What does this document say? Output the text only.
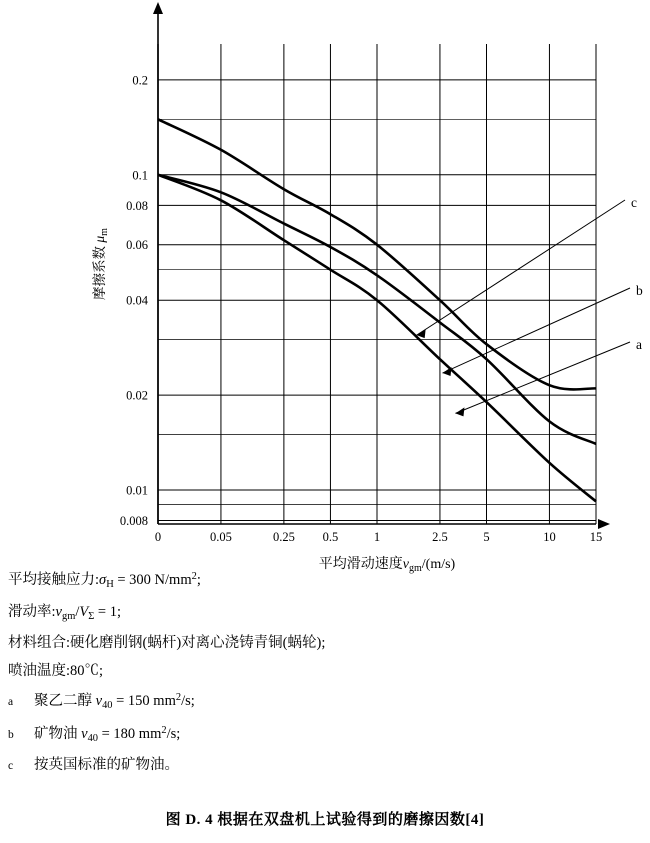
0	0.05	0.25 0.5	1	2.5	5	10	15
0.2
0.1
0.08
0.06
0.04
0.02
0.01
0.008
c
b
a
平均滑动速度$v_{gm}/(m/s)$
摩擦系数 $\mu_m$
平均接触应力$:\sigma_H = 300$ $N/mm^2$;
滑动率$:v_{gm}/V_\Sigma = 1$;
材料组合:硬化磨削钢(蜗杆)对离心浇铸青铜(蜗轮);
喷油温度:80℃;
a	聚乙二醇 $\nu_{40} = 150$ $mm^2/s$;
b	矿物油 $\nu_{40} = 180$ $mm^2/s$;
c	按英国标准的矿物油。
图 D. 4 根据在双盘机上试验得到的磨擦因数[4]
